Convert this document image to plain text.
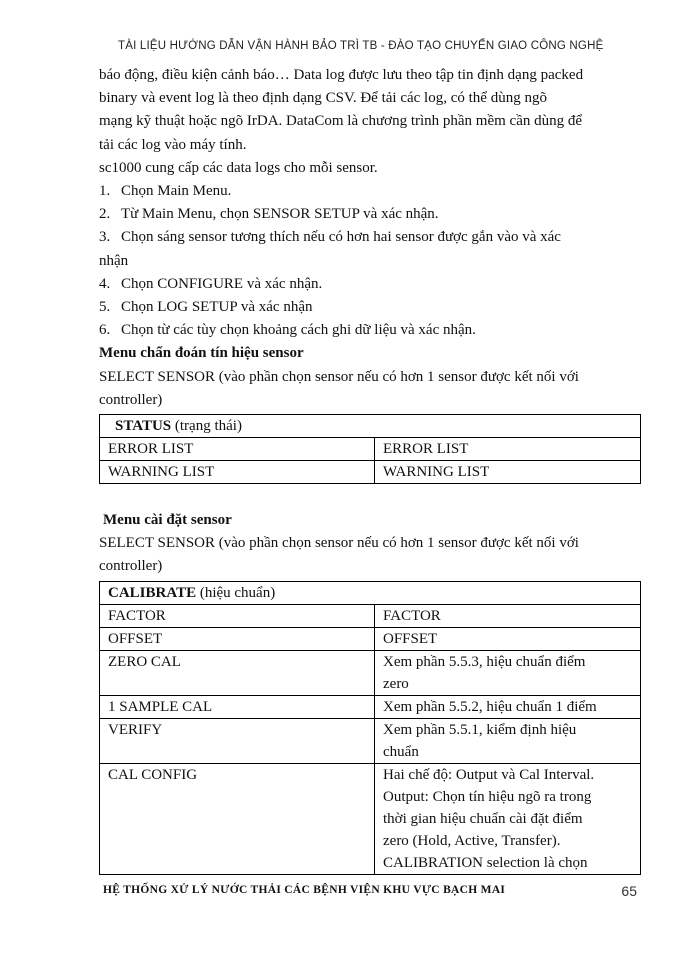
TÀI LIỆU HƯỚNG DẪN VẬN HÀNH BẢO TRÌ TB - ĐÀO TẠO CHUYỂN GIAO CÔNG NGHỆ

báo động, điều kiện cảnh báo… Data log được lưu theo tập tin định dạng packed

binary và event log là theo định dạng CSV. Để tải các log, có thể dùng ngõ

mạng kỹ thuật hoặc ngõ IrDA. DataCom là chương trình phần mềm cần dùng để

tải các log vào máy tính.

sc1000 cung cấp các data logs cho mỗi sensor.

1. Chọn Main Menu.

2. Từ Main Menu, chọn SENSOR SETUP và xác nhận.

3. Chọn sáng sensor tương thích nếu có hơn hai sensor được gắn vào và xác

nhận

4. Chọn CONFIGURE và xác nhận.

5. Chọn LOG SETUP và xác nhận

6. Chọn từ các tùy chọn khoảng cách ghi dữ liệu và xác nhận.

Menu chẩn đoán tín hiệu sensor

SELECT SENSOR (vào phần chọn sensor nếu có hơn 1 sensor được kết nối với

controller)

STATUS (trạng thái)	
ERROR LIST	ERROR LIST
WARNING LIST	WARNING LIST

Menu cài đặt sensor

SELECT SENSOR (vào phần chọn sensor nếu có hơn 1 sensor được kết nối với

controller)

CALIBRATE (hiệu chuẩn)	
FACTOR	FACTOR

OFFSET	OFFSET

ZERO CAL	Xem phần 5.5.3, hiệu chuẩn điểm
zero

1 SAMPLE CAL	Xem phần 5.5.2, hiệu chuẩn 1 điểm

VERIFY	Xem phần 5.5.1, kiểm định hiệu
chuẩn

CAL CONFIG	Hai chế độ: Output và Cal Interval.
Output: Chọn tín hiệu ngõ ra trong
thời gian hiệu chuẩn cài đặt điểm
zero (Hold, Active, Transfer).
CALIBRATION selection là chọn
HỆ THỐNG XỬ LÝ NƯỚC THẢI CÁC BỆNH VIỆN KHU VỰC BẠCH MAI	65
